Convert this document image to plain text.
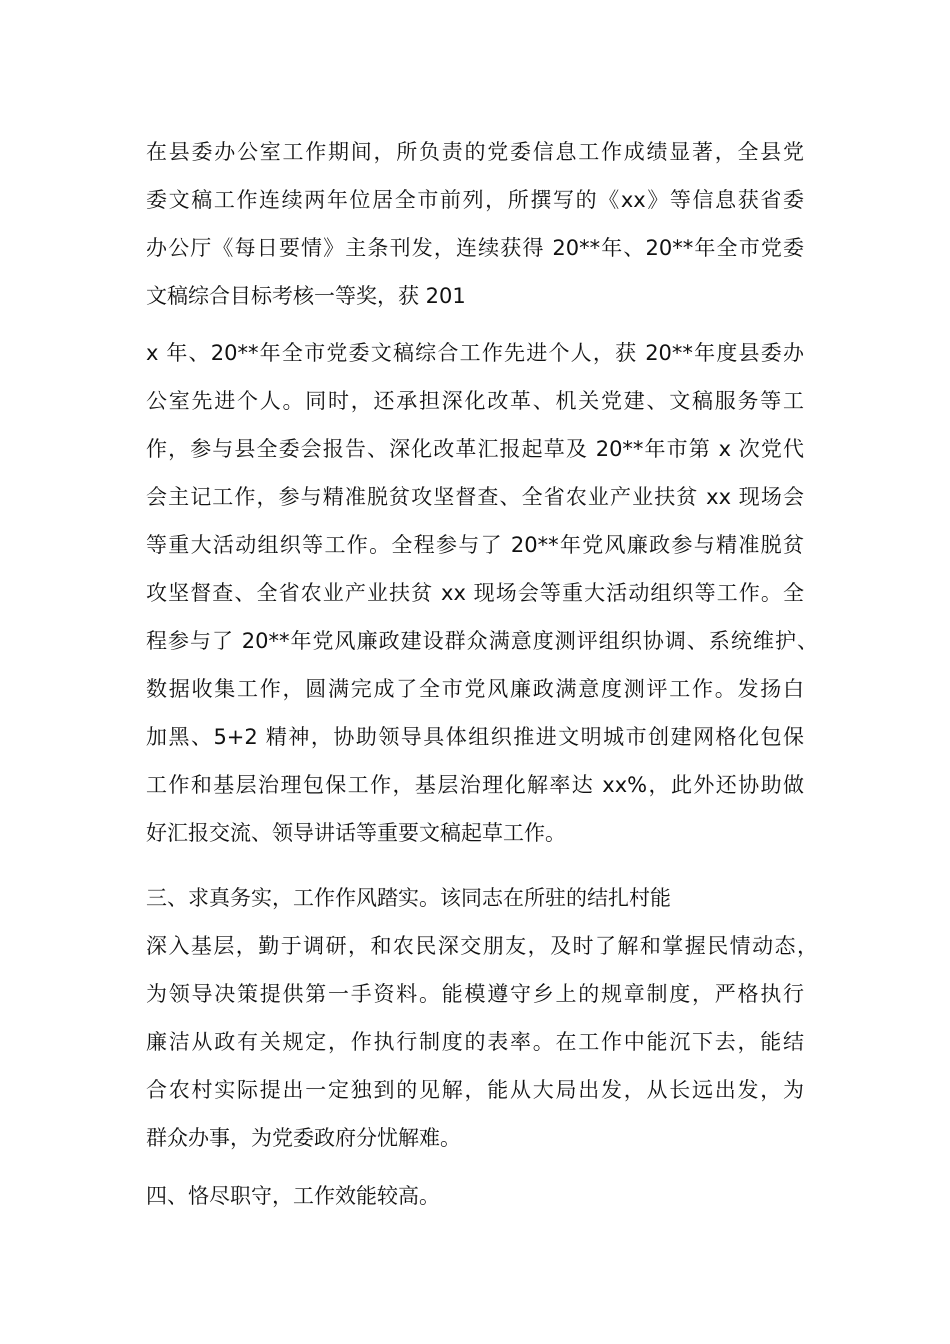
在县委办公室工作期间，所负责的党委信息工作成绩显著，全县党
委文稿工作连续两年位居全市前列，所撰写的《xx》等信息获省委
办公厅《每日要情》主条刊发，连续获得 20**年、20**年全市党委
文稿综合目标考核一等奖，获 201
x 年、20**年全市党委文稿综合工作先进个人，获 20**年度县委办
公室先进个人。同时，还承担深化改革、机关党建、文稿服务等工
作，参与县全委会报告、深化改革汇报起草及 20**年市第 x 次党代
会主记工作，参与精准脱贫攻坚督查、全省农业产业扶贫 xx 现场会
等重大活动组织等工作。全程参与了 20**年党风廉政参与精准脱贫
攻坚督查、全省农业产业扶贫 xx 现场会等重大活动组织等工作。全
程参与了 20**年党风廉政建设群众满意度测评组织协调、系统维护、
数据收集工作，圆满完成了全市党风廉政满意度测评工作。发扬白
加黑、5+2 精神，协助领导具体组织推进文明城市创建网格化包保
工作和基层治理包保工作，基层治理化解率达 xx%，此外还协助做
好汇报交流、领导讲话等重要文稿起草工作。
三、求真务实，工作作风踏实。该同志在所驻的结扎村能
深入基层，勤于调研，和农民深交朋友，及时了解和掌握民情动态，
为领导决策提供第一手资料。能模遵守乡上的规章制度，严格执行
廉洁从政有关规定，作执行制度的表率。在工作中能沉下去，能结
合农村实际提出一定独到的见解，能从大局出发，从长远出发，为
群众办事，为党委政府分忧解难。
四、恪尽职守，工作效能较高。
